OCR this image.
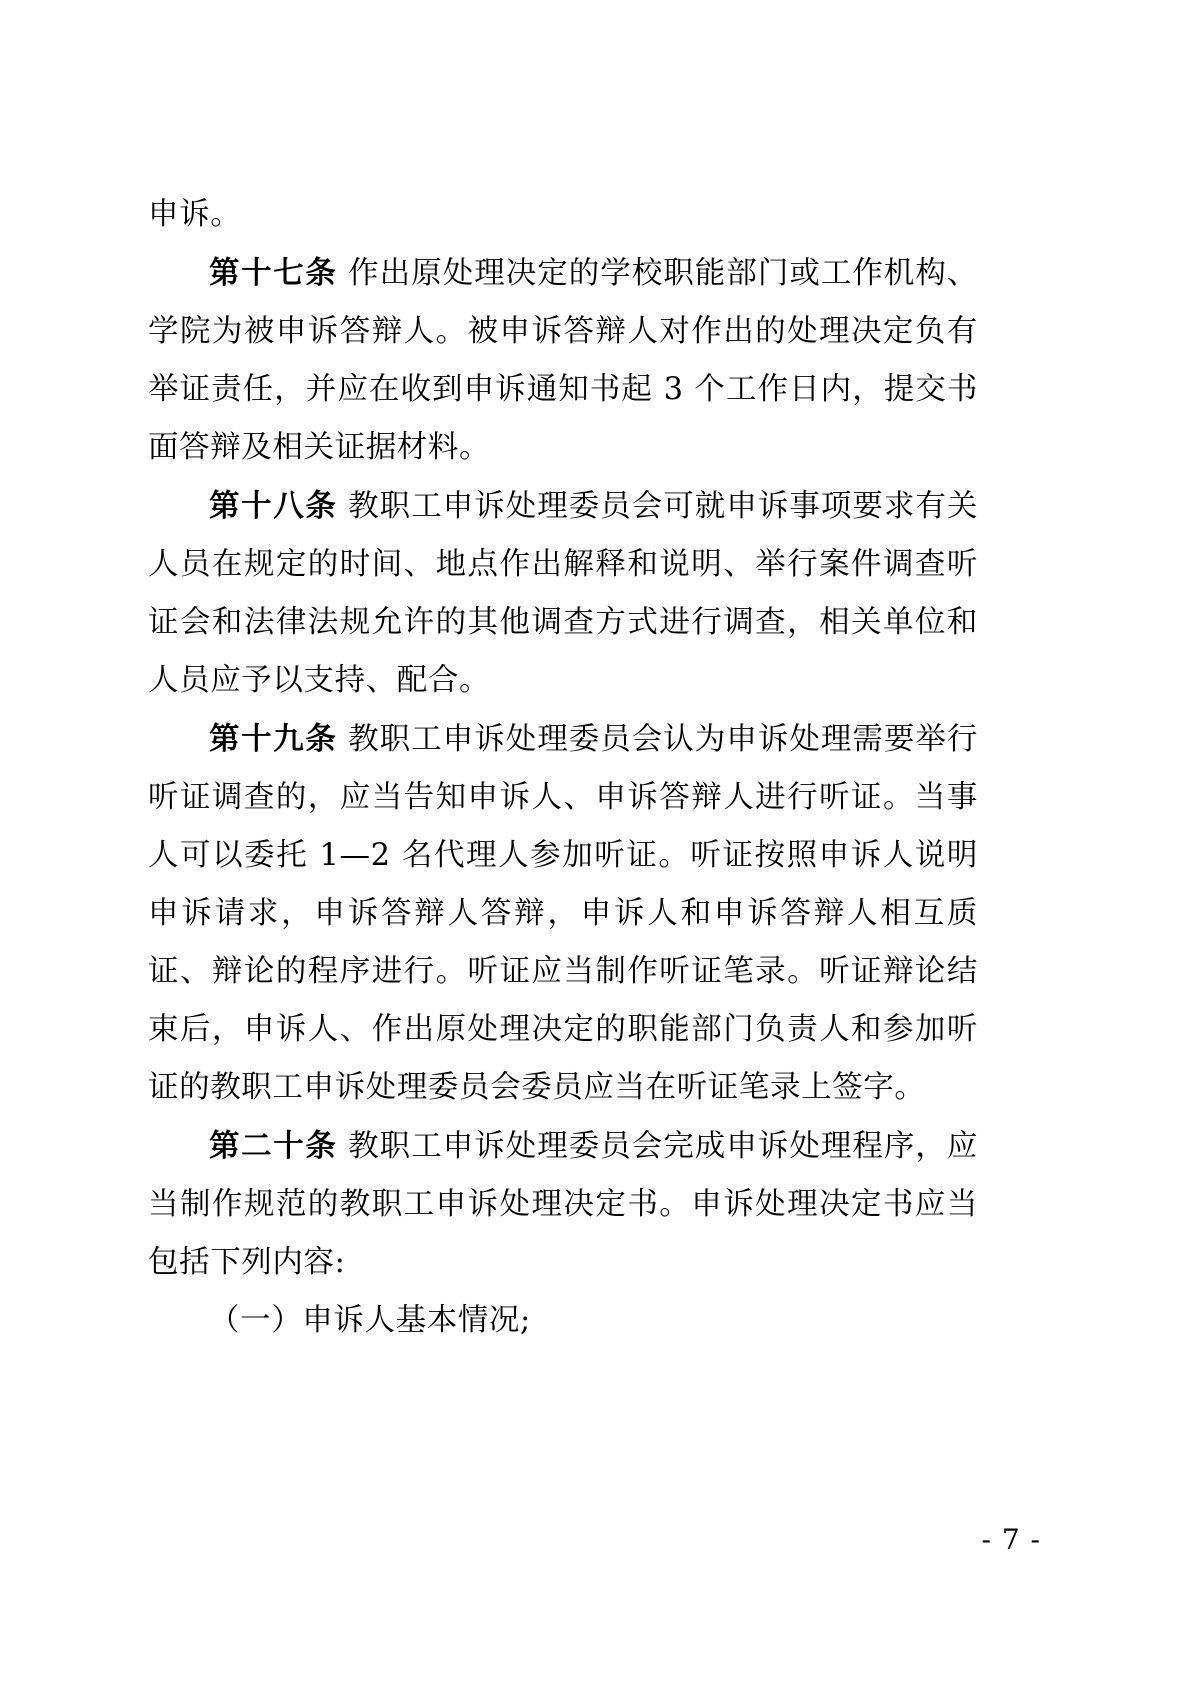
申诉。

第十七条 作出原处理决定的学校职能部门或工作机构、学院为被申诉答辩人。被申诉答辩人对作出的处理决定负有举证责任，并应在收到申诉通知书起 3 个工作日内，提交书面答辩及相关证据材料。

第十八条 教职工申诉处理委员会可就申诉事项要求有关人员在规定的时间、地点作出解释和说明、举行案件调查听证会和法律法规允许的其他调查方式进行调查，相关单位和人员应予以支持、配合。

第十九条 教职工申诉处理委员会认为申诉处理需要举行听证调查的，应当告知申诉人、申诉答辩人进行听证。当事人可以委托 1—2 名代理人参加听证。听证按照申诉人说明申诉请求，申诉答辩人答辩，申诉人和申诉答辩人相互质证、辩论的程序进行。听证应当制作听证笔录。听证辩论结束后，申诉人、作出原处理决定的职能部门负责人和参加听证的教职工申诉处理委员会委员应当在听证笔录上签字。

第二十条 教职工申诉处理委员会完成申诉处理程序，应当制作规范的教职工申诉处理决定书。申诉处理决定书应当包括下列内容:

（一）申诉人基本情况;

- 7 -
